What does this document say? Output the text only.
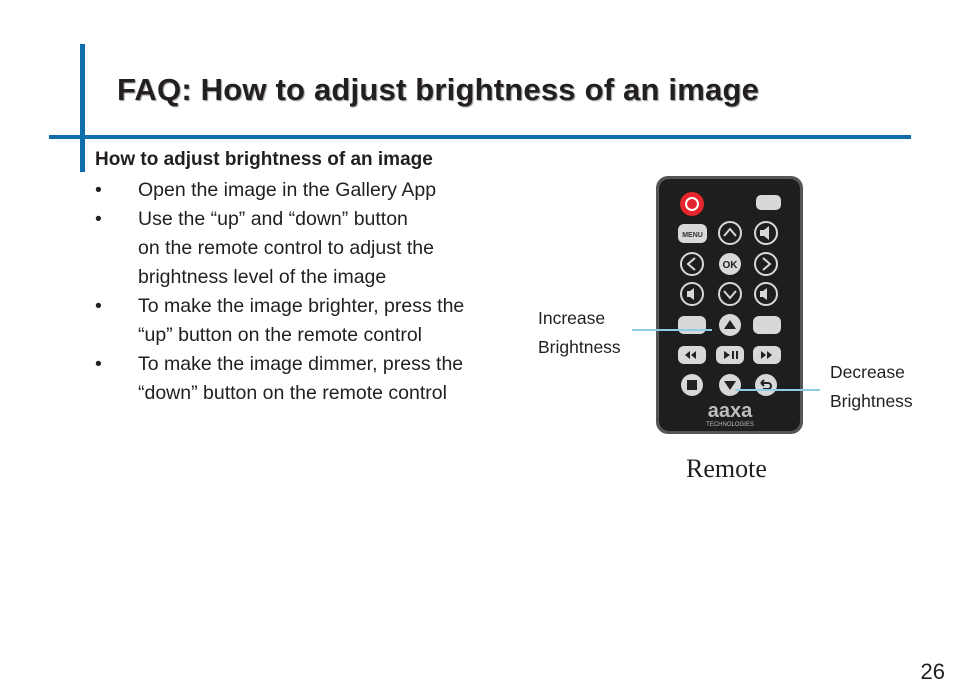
FAQ: How to adjust brightness of an image
How to adjust brightness of an image
• Open the image in the Gallery App
• Use the “up” and “down” button
on the remote control to adjust the
brightness level of the image
• To make the image brighter, press the
“up” button on the remote control
• To make the image dimmer, press the
“down” button on the remote control
MENU
OK
aaxa
TECHNOLOGIES
Increase
Brightness
Decrease
Brightness
Remote
26
